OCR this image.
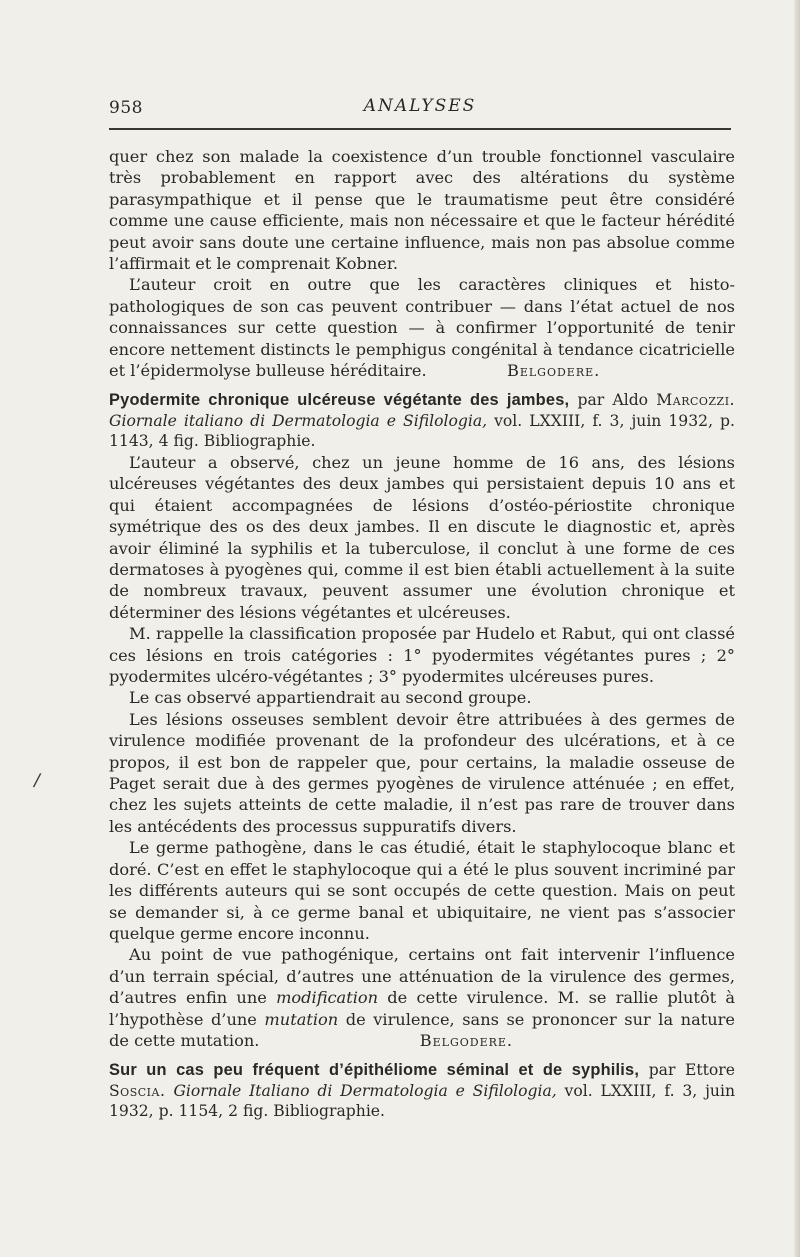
958	ANALYSES
/

quer chez son malade la coexistence d’un trouble fonctionnel vasculaire très probablement en rapport avec des altérations du système parasympathique et il pense que le traumatisme peut être considéré comme une cause efficiente, mais non nécessaire et que le facteur hérédité peut avoir sans doute une certaine influence, mais non pas absolue comme l’affirmait et le comprenait Kobner.

L’auteur croit en outre que les caractères cliniques et histo-pathologiques de son cas peuvent contribuer — dans l’état actuel de nos connaissances sur cette question — à confirmer l’opportunité de tenir encore nettement distincts le pemphigus congénital à tendance cicatricielle et l’épidermolyse bulleuse héréditaire.	Belgodere.

Pyodermite chronique ulcéreuse végétante des jambes, par Aldo Marcozzi. Giornale italiano di Dermatologia e Sifilologia, vol. LXXIII, f. 3, juin 1932, p. 1143, 4 fig. Bibliographie.

L’auteur a observé, chez un jeune homme de 16 ans, des lésions ulcéreuses végétantes des deux jambes qui persistaient depuis 10 ans et qui étaient accompagnées de lésions d’ostéo-périostite chronique symétrique des os des deux jambes. Il en discute le diagnostic et, après avoir éliminé la syphilis et la tuberculose, il conclut à une forme de ces dermatoses à pyogènes qui, comme il est bien établi actuellement à la suite de nombreux travaux, peuvent assumer une évolution chronique et déterminer des lésions végétantes et ulcéreuses.

M. rappelle la classification proposée par Hudelo et Rabut, qui ont classé ces lésions en trois catégories : 1° pyodermites végétantes pures ; 2° pyodermites ulcéro-végétantes ; 3° pyodermites ulcéreuses pures.

Le cas observé appartiendrait au second groupe.

Les lésions osseuses semblent devoir être attribuées à des germes de virulence modifiée provenant de la profondeur des ulcérations, et à ce propos, il est bon de rappeler que, pour certains, la maladie osseuse de Paget serait due à des germes pyogènes de virulence atténuée ; en effet, chez les sujets atteints de cette maladie, il n’est pas rare de trouver dans les antécédents des processus suppuratifs divers.

Le germe pathogène, dans le cas étudié, était le staphylocoque blanc et doré. C’est en effet le staphylocoque qui a été le plus souvent incriminé par les différents auteurs qui se sont occupés de cette question. Mais on peut se demander si, à ce germe banal et ubiquitaire, ne vient pas s’associer quelque germe encore inconnu.

Au point de vue pathogénique, certains ont fait intervenir l’influence d’un terrain spécial, d’autres une atténuation de la virulence des germes, d’autres enfin une modification de cette virulence. M. se rallie plutôt à l’hypothèse d’une mutation de virulence, sans se prononcer sur la nature de cette mutation.	Belgodere.

Sur un cas peu fréquent d’épithéliome séminal et de syphilis, par Ettore Soscia. Giornale Italiano di Dermatologia e Sifilologia, vol. LXXIII, f. 3, juin 1932, p. 1154, 2 fig. Bibliographie.
